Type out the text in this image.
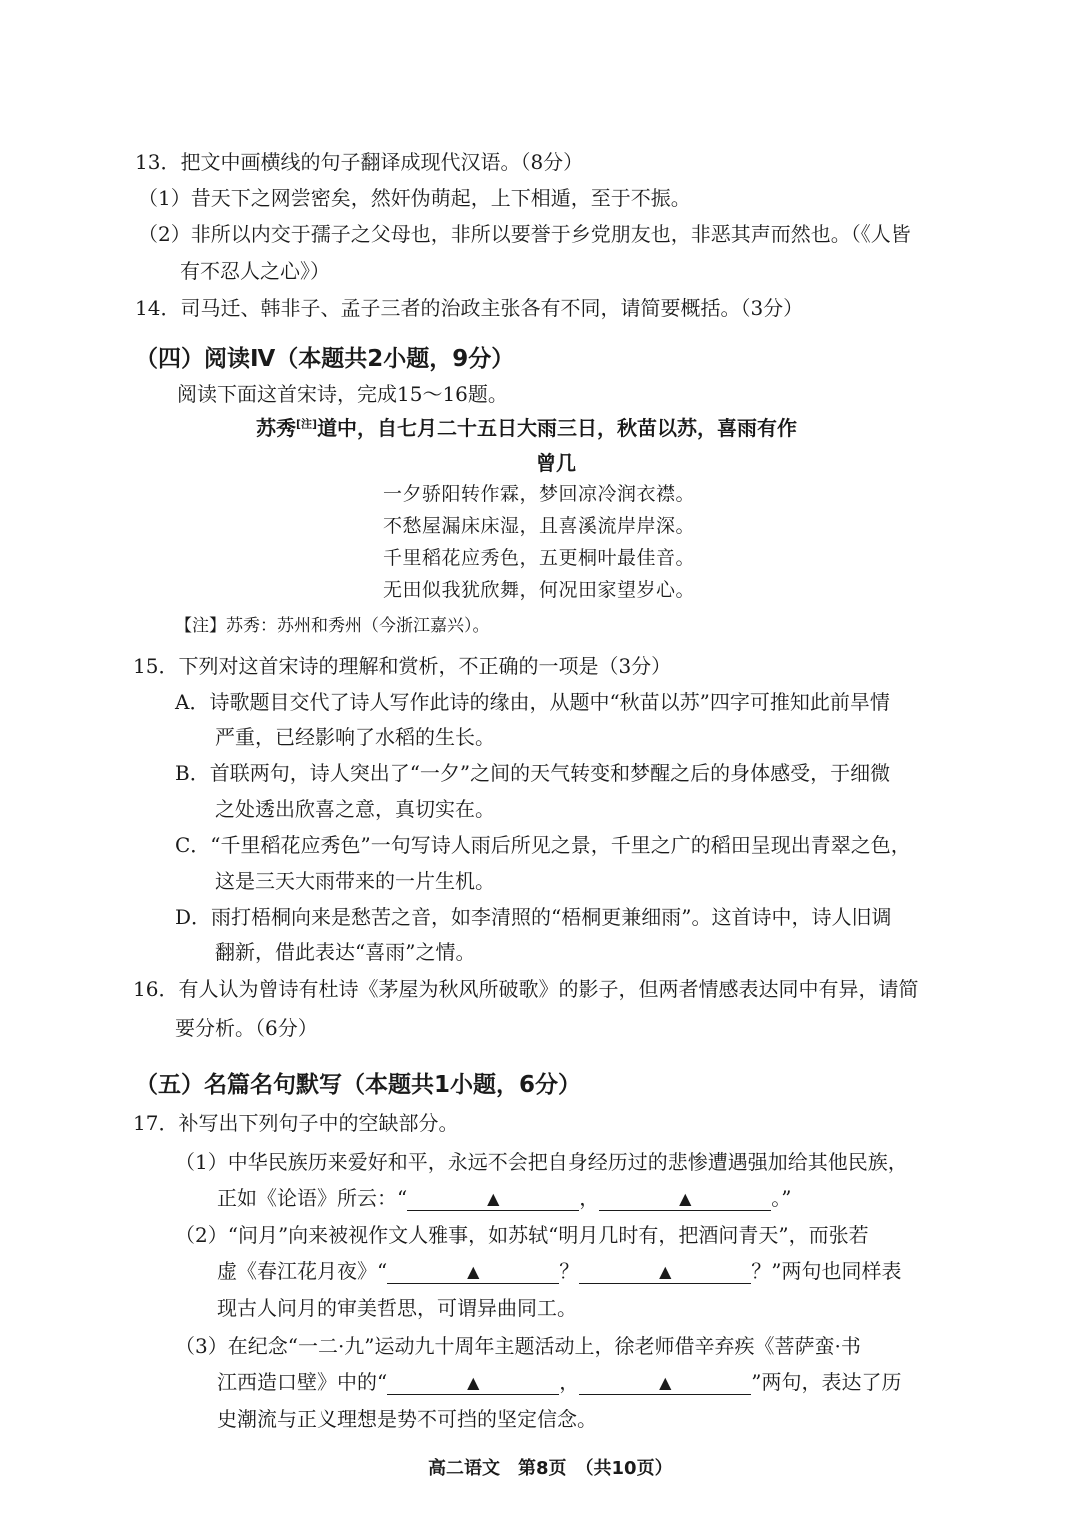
13．把文中画横线的句子翻译成现代汉语。（8分）
（1）昔天下之网尝密矣，然奸伪萌起，上下相遁，至于不振。
（2）非所以内交于孺子之父母也，非所以要誉于乡党朋友也，非恶其声而然也。（《人皆
有不忍人之心》）
14．司马迁、韩非子、孟子三者的治政主张各有不同，请简要概括。（3分）
（四）阅读Ⅳ（本题共2小题，9分）
阅读下面这首宋诗，完成15～16题。
苏秀[注]道中，自七月二十五日大雨三日，秋苗以苏，喜雨有作
曾几
一夕骄阳转作霖，梦回凉冷润衣襟。
不愁屋漏床床湿，且喜溪流岸岸深。
千里稻花应秀色，五更桐叶最佳音。
无田似我犹欣舞，何况田家望岁心。
【注】苏秀：苏州和秀州（今浙江嘉兴）。
15．下列对这首宋诗的理解和赏析，不正确的一项是（3分）
A．诗歌题目交代了诗人写作此诗的缘由，从题中“秋苗以苏”四字可推知此前旱情
严重，已经影响了水稻的生长。
B．首联两句，诗人突出了“一夕”之间的天气转变和梦醒之后的身体感受，于细微
之处透出欣喜之意，真切实在。
C．“千里稻花应秀色”一句写诗人雨后所见之景，千里之广的稻田呈现出青翠之色，
这是三天大雨带来的一片生机。
D．雨打梧桐向来是愁苦之音，如李清照的“梧桐更兼细雨”。这首诗中，诗人旧调
翻新，借此表达“喜雨”之情。
16．有人认为曾诗有杜诗《茅屋为秋风所破歌》的影子，但两者情感表达同中有异，请简
要分析。（6分）
（五）名篇名句默写（本题共1小题，6分）
17．补写出下列句子中的空缺部分。
（1）中华民族历来爱好和平，永远不会把自身经历过的悲惨遭遇强加给其他民族，
正如《论语》所云：“	▲	，	▲	。”
（2）“问月”向来被视作文人雅事，如苏轼“明月几时有，把酒问青天”，而张若
虚《春江花月夜》“	▲	？	▲	？”两句也同样表
现古人问月的审美哲思，可谓异曲同工。
（3）在纪念“一二·九”运动九十周年主题活动上，徐老师借辛弃疾《菩萨蛮·书
江西造口壁》中的“	▲	，	▲	”两句，表达了历
史潮流与正义理想是势不可挡的坚定信念。
高二语文　第8页　（共10页）
